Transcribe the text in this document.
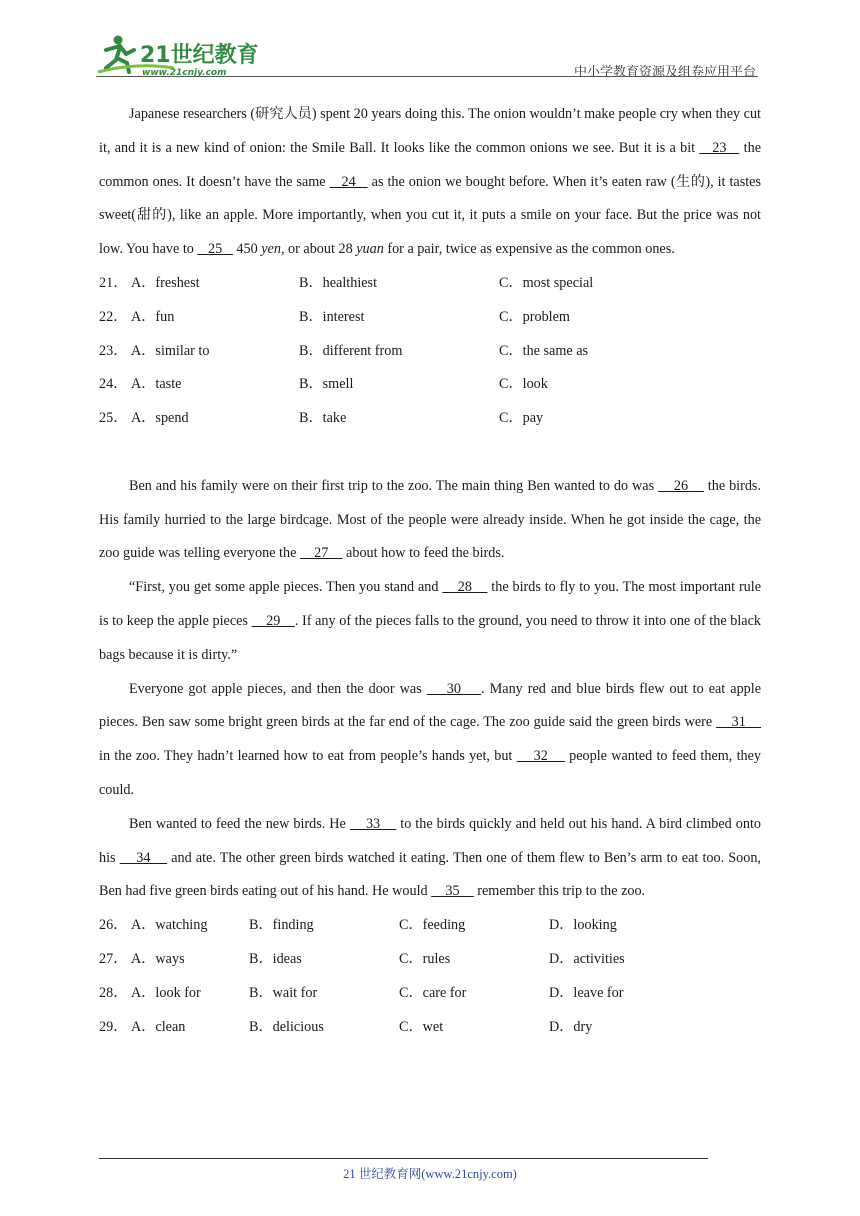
21世纪教育
www.21cnjy.com	中小学教育资源及组卷应用平台

Japanese researchers (研究人员) spent 20 years doing this. The onion wouldn’t make people cry when they cut it, and it is a new kind of onion: the Smile Ball. It looks like the common onions we see. But it is a bit    23    the common ones. It doesn’t have the same    24    as the onion we bought before. When it’s eaten raw (生的), it tastes sweet(甜的), like an apple. More importantly, when you cut it, it puts a smile on your face. But the price was not low. You have to    25    450 yen, or about 28 yuan for a pair, twice as expensive as the common ones.

21． A．freshest	B．healthiest	C．most special
22． A．fun	B．interest	C．problem
23． A．similar to	B．different from	C．the same as
24． A．taste	B．smell	C．look
25． A．spend	B．take	C．pay

Ben and his family were on their first trip to the zoo. The main thing Ben wanted to do was     26     the birds. His family hurried to the large birdcage. Most of the people were already inside. When he got inside the cage, the zoo guide was telling everyone the     27     about how to feed the birds.

“First, you get some apple pieces. Then you stand and     28     the birds to fly to you. The most important rule is to keep the apple pieces     29    . If any of the pieces falls to the ground, you need to throw it into one of the black bags because it is dirty.”

Everyone got apple pieces, and then the door was     30    . Many red and blue birds flew out to eat apple pieces. Ben saw some bright green birds at the far end of the cage. The zoo guide said the green birds were     31     in the zoo. They hadn’t learned how to eat from people’s hands yet, but     32     people wanted to feed them, they could.

Ben wanted to feed the new birds. He     33     to the birds quickly and held out his hand. A bird climbed onto his     34     and ate. The other green birds watched it eating. Then one of them flew to Ben’s arm to eat too. Soon, Ben had five green birds eating out of his hand. He would     35     remember this trip to the zoo.

26． A．watching	B．finding	C．feeding	D．looking
27． A．ways	B．ideas	C．rules	D．activities
28． A．look for	B．wait for	C．care for	D．leave for
29． A．clean	B．delicious	C．wet	D．dry
21 世纪教育网(www.21cnjy.com)
